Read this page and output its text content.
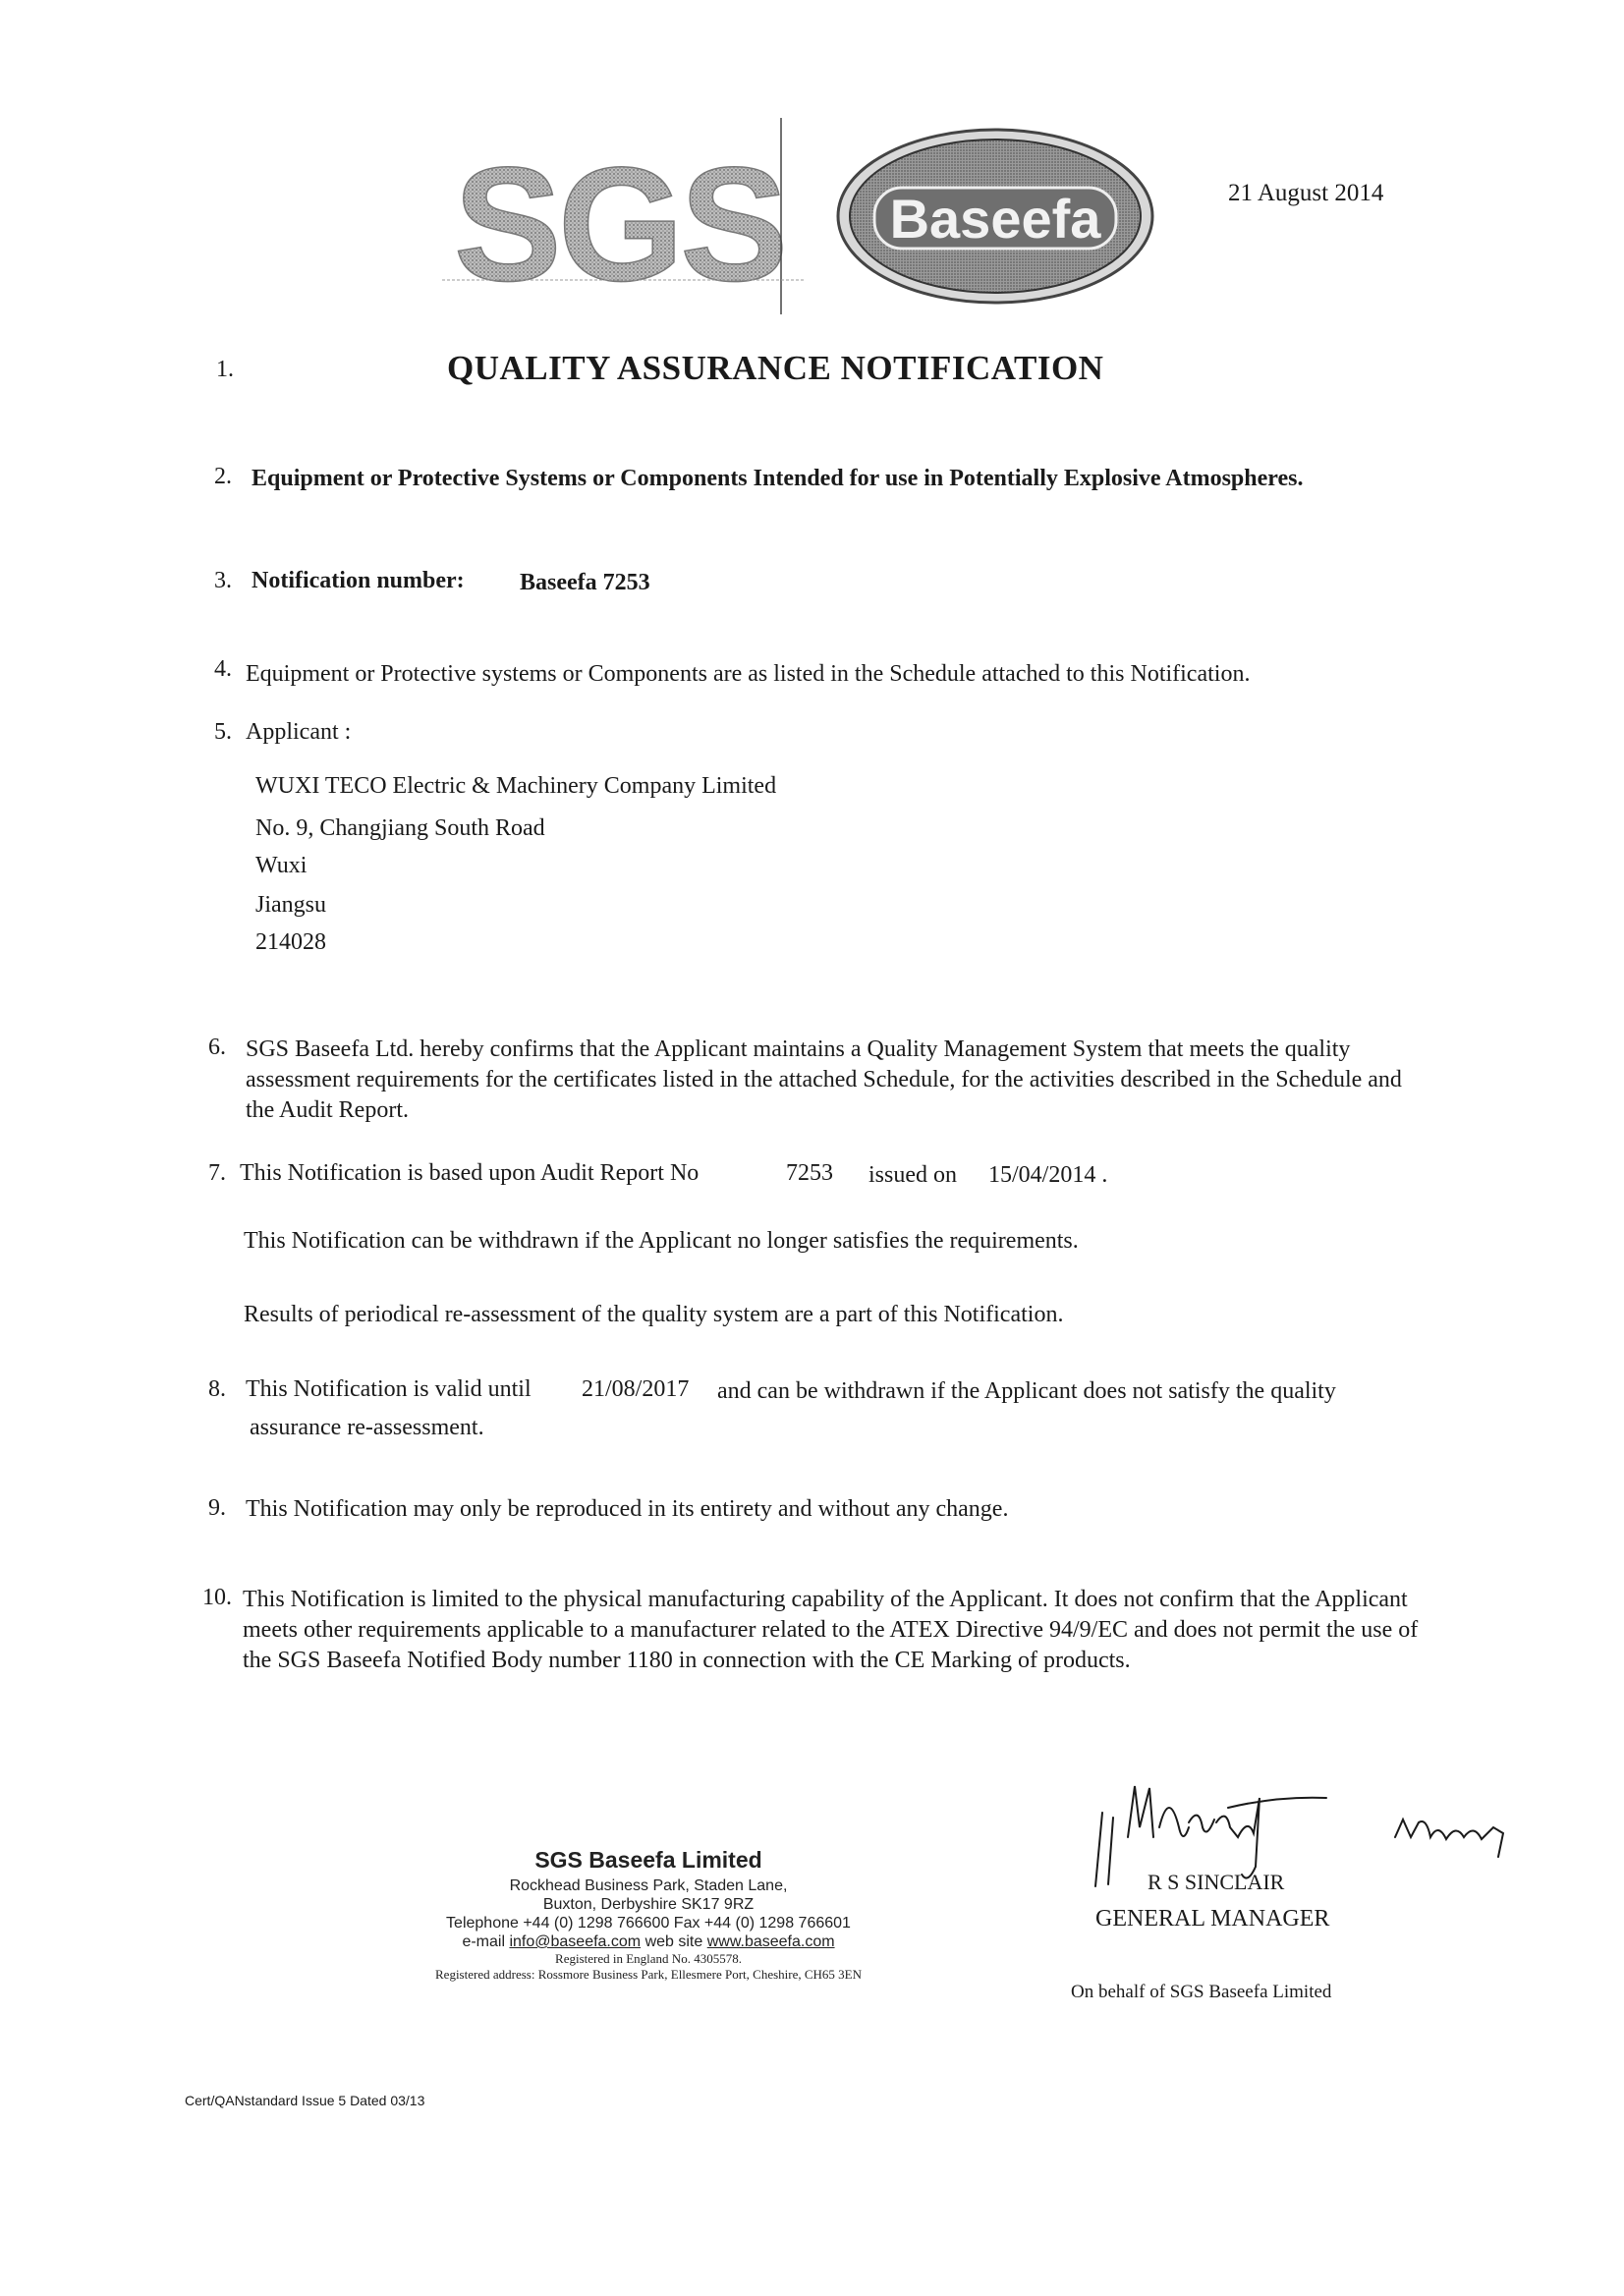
SGS Baseefa	21 August 2014
1.	QUALITY ASSURANCE NOTIFICATION
2. Equipment or Protective Systems or Components Intended for use in Potentially Explosive Atmospheres.
3. Notification number: Baseefa 7253
4. Equipment or Protective systems or Components are as listed in the Schedule attached to this Notification.
5. Applicant :
WUXI TECO Electric & Machinery Company Limited
No. 9, Changjiang South Road
Wuxi
Jiangsu
214028
6. SGS Baseefa Ltd. hereby confirms that the Applicant maintains a Quality Management System that meets the quality assessment requirements for the certificates listed in the attached Schedule, for the activities described in the Schedule and the Audit Report.
7. This Notification is based upon Audit Report No	7253 issued on 15/04/2014 .
This Notification can be withdrawn if the Applicant no longer satisfies the requirements.
Results of periodical re-assessment of the quality system are a part of this Notification.
8. This Notification is valid until 21/08/2017 and can be withdrawn if the Applicant does not satisfy the quality
assurance re-assessment.
9. This Notification may only be reproduced in its entirety and without any change.
10. This Notification is limited to the physical manufacturing capability of the Applicant. It does not confirm that the Applicant meets other requirements applicable to a manufacturer related to the ATEX Directive 94/9/EC and does not permit the use of the SGS Baseefa Notified Body number 1180 in connection with the CE Marking of products.
SGS Baseefa Limited
Rockhead Business Park, Staden Lane,
Buxton, Derbyshire SK17 9RZ
Telephone +44 (0) 1298 766600 Fax +44 (0) 1298 766601
e-mail info@baseefa.com web site www.baseefa.com
Registered in England No. 4305578.
Registered address: Rossmore Business Park, Ellesmere Port, Cheshire, CH65 3EN
R S SINCLAIR
GENERAL MANAGER
On behalf of SGS Baseefa Limited
Cert/QANstandard Issue 5 Dated 03/13
